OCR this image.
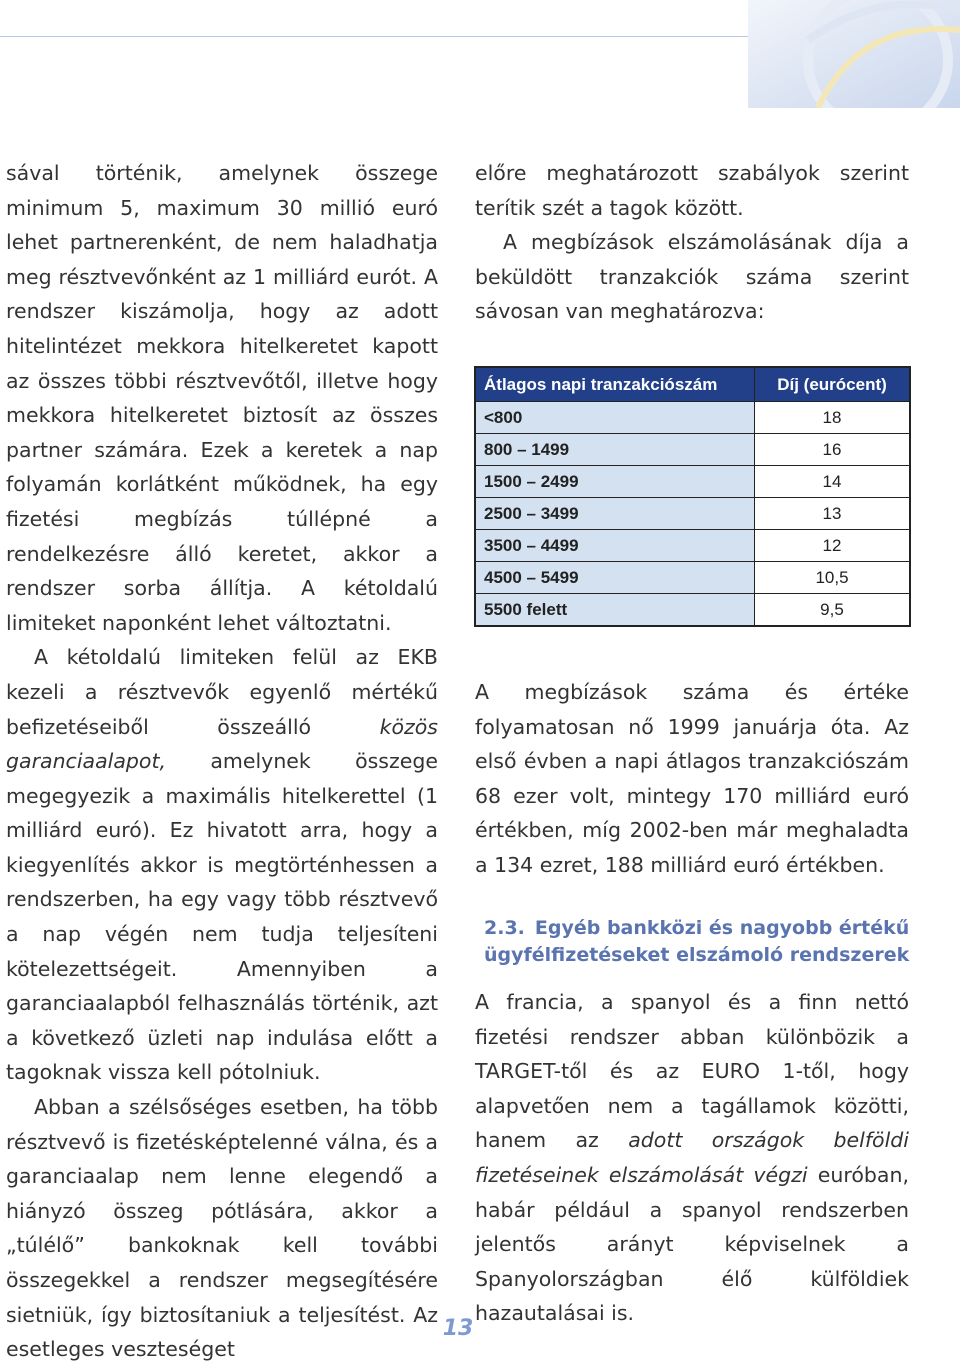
sával történik, amelynek összege minimum 5, maximum 30 millió euró lehet partnerenként, de nem haladhatja meg résztvevőnként az 1 milliárd eurót. A rendszer kiszámolja, hogy az adott hitelintézet mekkora hitelkeretet kapott az összes többi résztvevőtől, illetve hogy mekkora hitelkeretet biztosít az összes partner számára. Ezek a keretek a nap folyamán korlátként működnek, ha egy fizetési megbízás túllépné a rendelkezésre álló keretet, akkor a rendszer sorba állítja. A kétoldalú limiteket naponként lehet változtatni.

A kétoldalú limiteken felül az EKB kezeli a résztvevők egyenlő mértékű befizetéseiből összeálló	közös garanciaalapot, amelynek összege megegyezik a maximális hitelkerettel (1 milliárd euró). Ez hivatott arra, hogy a kiegyenlítés akkor is megtörténhessen a rendszerben, ha egy vagy több résztvevő a nap végén nem tudja teljesíteni kötelezettségeit. Amennyiben a garanciaalapból felhasználás történik, azt a következő üzleti nap indulása előtt a tagoknak vissza kell pótolniuk.

Abban a szélsőséges esetben, ha több résztvevő is fizetésképtelenné válna, és a garanciaalap nem lenne elegendő a hiányzó összeg pótlására, akkor a „túlélő” bankoknak kell további összegekkel a rendszer megsegítésére sietniük, így biztosítaniuk a teljesítést. Az esetleges veszteséget

előre meghatározott szabályok szerint terítik szét a tagok között.

A megbízások elszámolásának díja a beküldött tranzakciók száma szerint sávosan van meghatározva:

Átlagos napi tranzakciószám	Díj (eurócent)
<800	18
800 – 1499	16
1500 – 2499	14
2500 – 3499	13
3500 – 4499	12
4500 – 5499	10,5
5500 felett	9,5

A megbízások száma és értéke folyamatosan nő 1999 januárja óta. Az első évben a napi átlagos tranzakciószám 68 ezer volt, mintegy 170 milliárd euró értékben, míg 2002-ben már meghaladta a 134 ezret, 188 milliárd euró értékben.

2.3. Egyéb bankközi és nagyobb értékű ügyfélfizetéseket elszámoló rendszerek

A francia, a spanyol és a finn nettó fizetési rendszer abban különbözik a TARGET-től és az EURO 1-től, hogy alapvetően nem a tagállamok közötti, hanem az adott országok belföldi fizetéseinek elszámolását végzi euróban, habár például a spanyol rendszerben jelentős arányt képviselnek a Spanyolországban élő külföldiek hazautalásai is.

13
